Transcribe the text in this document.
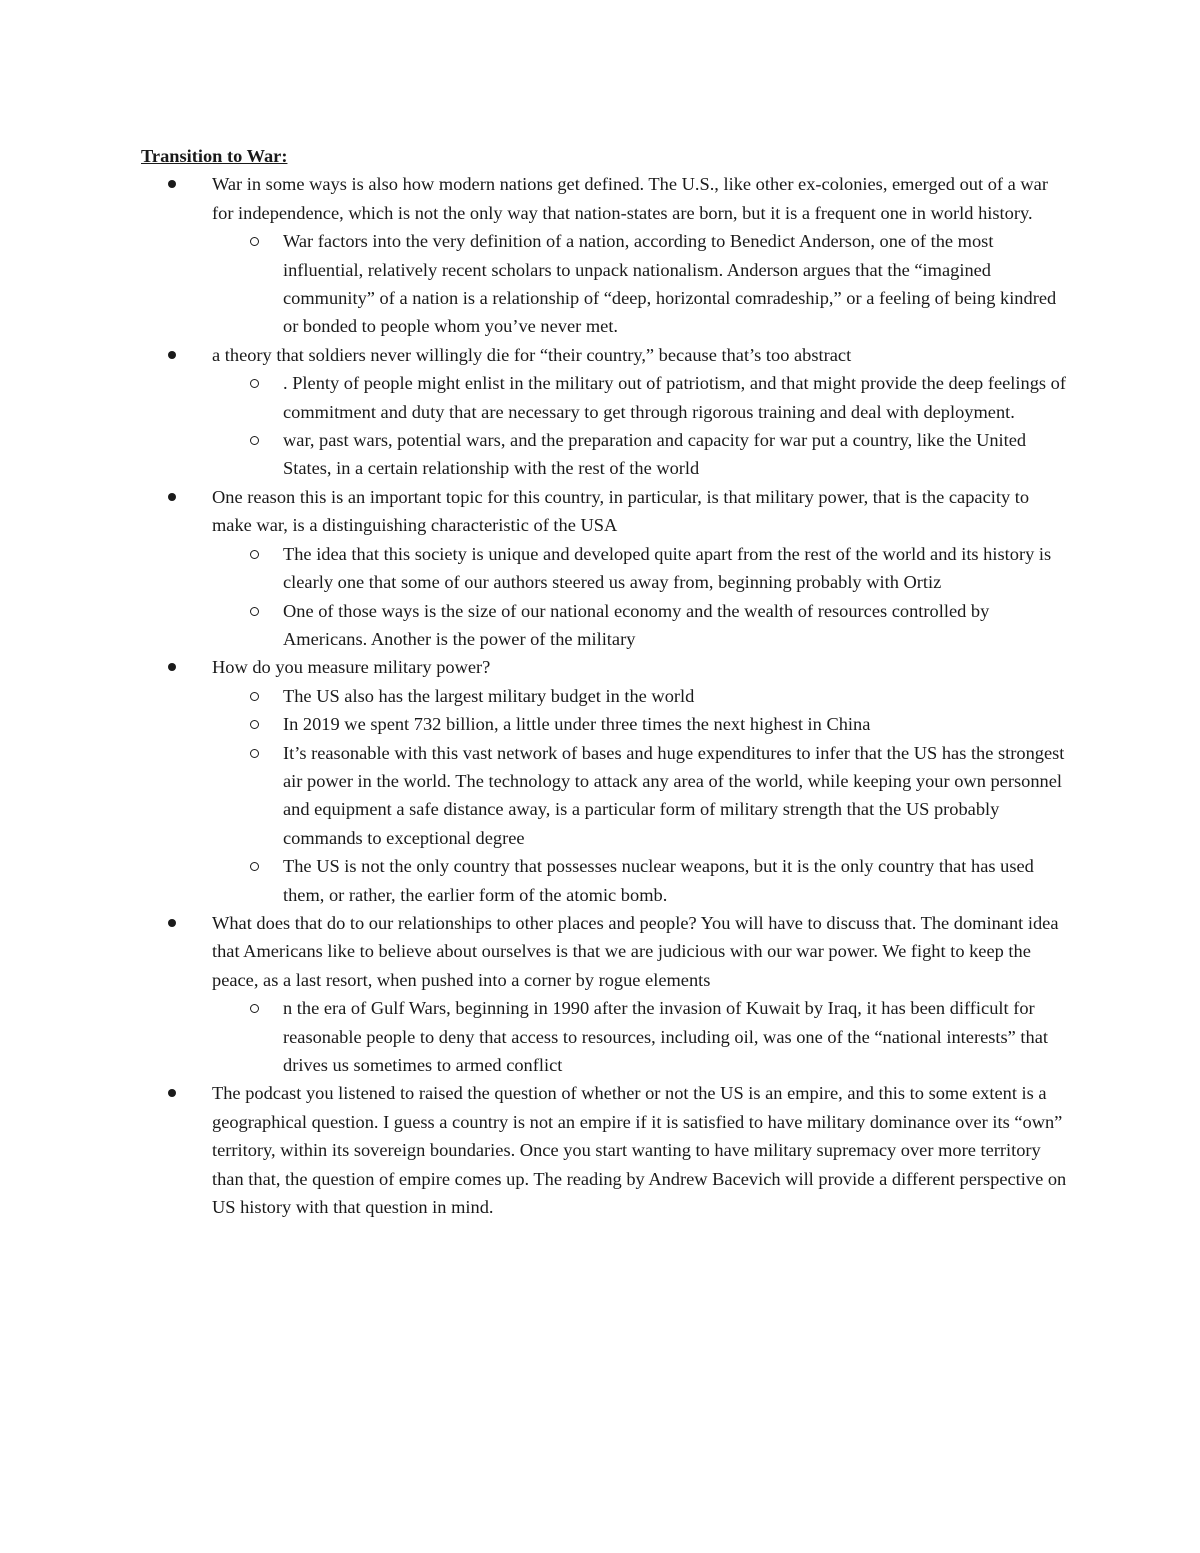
Transition to War:

War in some ways is also how modern nations get defined. The U.S., like other ex-colonies, emerged out of a war for independence, which is not the only way that nation-states are born, but it is a frequent one in world history.
War factors into the very definition of a nation, according to Benedict Anderson, one of the most influential, relatively recent scholars to unpack nationalism. Anderson argues that the “imagined community” of a nation is a relationship of “deep, horizontal comradeship,” or a feeling of being kindred or bonded to people whom you’ve never met.
a theory that soldiers never willingly die for “their country,” because that’s too abstract
. Plenty of people might enlist in the military out of patriotism, and that might provide the deep feelings of commitment and duty that are necessary to get through rigorous training and deal with deployment.
war, past wars, potential wars, and the preparation and capacity for war put a country, like the United States, in a certain relationship with the rest of the world
One reason this is an important topic for this country, in particular, is that military power, that is the capacity to make war, is a distinguishing characteristic of the USA
The idea that this society is unique and developed quite apart from the rest of the world and its history is clearly one that some of our authors steered us away from, beginning probably with Ortiz
One of those ways is the size of our national economy and the wealth of resources controlled by Americans. Another is the power of the military
How do you measure military power?
The US also has the largest military budget in the world
In 2019 we spent 732 billion, a little under three times the next highest in China
It’s reasonable with this vast network of bases and huge expenditures to infer that the US has the strongest air power in the world. The technology to attack any area of the world, while keeping your own personnel and equipment a safe distance away, is a particular form of military strength that the US probably commands to exceptional degree
The US is not the only country that possesses nuclear weapons, but it is the only country that has used them, or rather, the earlier form of the atomic bomb.
What does that do to our relationships to other places and people? You will have to discuss that. The dominant idea that Americans like to believe about ourselves is that we are judicious with our war power. We fight to keep the peace, as a last resort, when pushed into a corner by rogue elements
n the era of Gulf Wars, beginning in 1990 after the invasion of Kuwait by Iraq, it has been difficult for reasonable people to deny that access to resources, including oil, was one of the “national interests” that drives us sometimes to armed conflict
The podcast you listened to raised the question of whether or not the US is an empire, and this to some extent is a geographical question. I guess a country is not an empire if it is satisfied to have military dominance over its “own” territory, within its sovereign boundaries. Once you start wanting to have military supremacy over more territory than that, the question of empire comes up. The reading by Andrew Bacevich will provide a different perspective on US history with that question in mind.
